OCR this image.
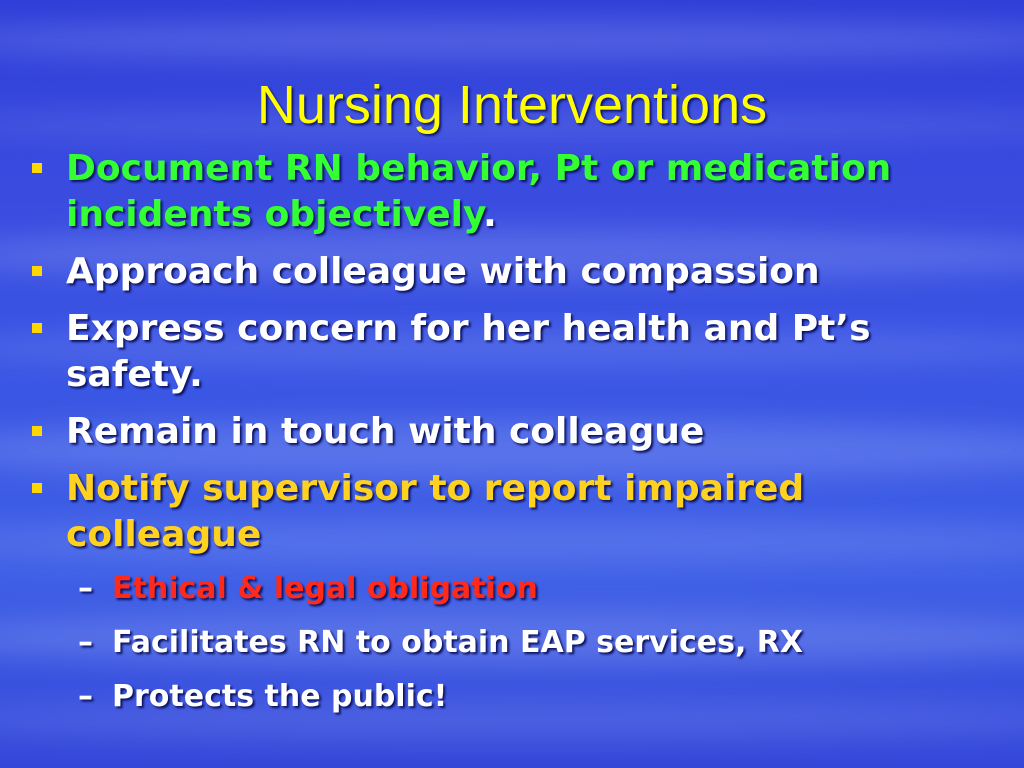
Nursing Interventions
Document RN behavior, Pt or medication incidents objectively.
Approach colleague with compassion
Express concern for her health and Pt’s safety.
Remain in touch with colleague
Notify supervisor to report impaired colleague
– Ethical & legal obligation
– Facilitates RN to obtain EAP services, RX
– Protects the public!
